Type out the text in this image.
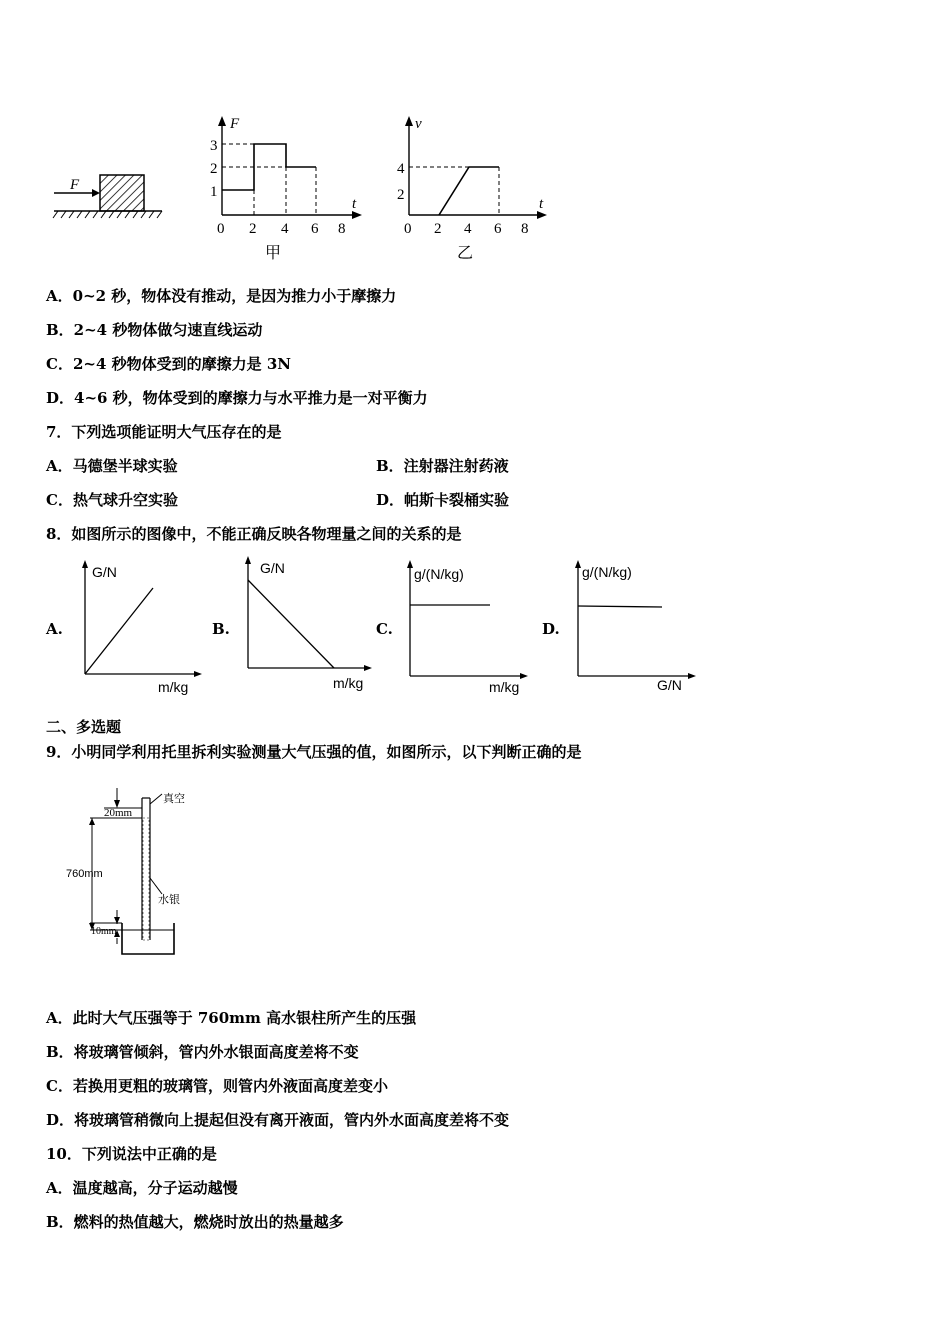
F
F
t
1
2
3
0 2 4 6 8
甲
v
t
2
4
0 2 4 6 8
乙
A．0~2 秒，物体没有推动，是因为推力小于摩擦力
B．2~4 秒物体做匀速直线运动
C．2~4 秒物体受到的摩擦力是 3N
D．4~6 秒，物体受到的摩擦力与水平推力是一对平衡力
7．下列选项能证明大气压存在的是
A．马德堡半球实验	B．注射器注射药液
C．热气球升空实验	D．帕斯卡裂桶实验
8．如图所示的图像中，不能正确反映各物理量之间的关系的是
A.
G/N
m/kg
B.
G/N
m/kg
C.
g/(N/kg)
m/kg
D.
g/(N/kg)
G/N
二、多选题
9．小明同学利用托里拆利实验测量大气压强的值，如图所示，以下判断正确的是
20mm
真空
760mm
水银
10mm
A．此时大气压强等于 760mm 高水银柱所产生的压强
B．将玻璃管倾斜，管内外水银面高度差将不变
C．若换用更粗的玻璃管，则管内外液面高度差变小
D．将玻璃管稍微向上提起但没有离开液面，管内外水面高度差将不变
10．下列说法中正确的是
A．温度越高，分子运动越慢
B．燃料的热值越大，燃烧时放出的热量越多
